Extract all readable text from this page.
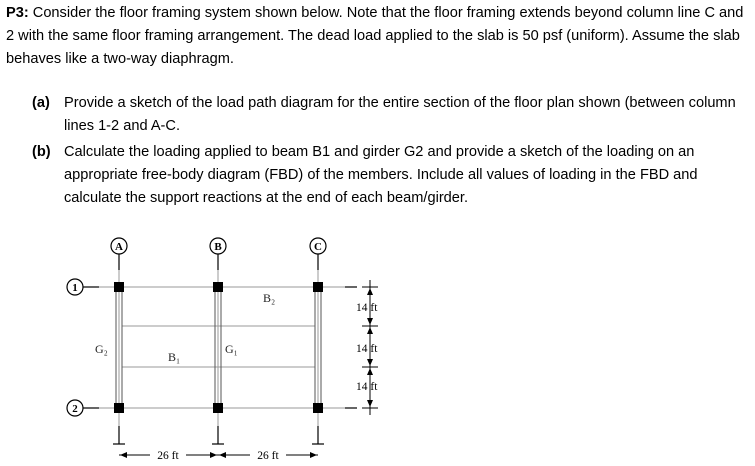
P3: Consider the floor framing system shown below. Note that the floor framing extends beyond column line C and 2 with the same floor framing arrangement. The dead load applied to the slab is 50 psf (uniform). Assume the slab behaves like a two-way diaphragm.
(a) Provide a sketch of the load path diagram for the entire section of the floor plan shown (between column lines 1-2 and A-C.
(b) Calculate the loading applied to beam B1 and girder G2 and provide a sketch of the loading on an appropriate free-body diagram (FBD) of the members. Include all values of loading in the FBD and calculate the support reactions at the end of each beam/girder.
A	B	C
1
2
B₂
G₂
B₁
G₁
14 ft
14 ft
14 ft
26 ft	26 ft
